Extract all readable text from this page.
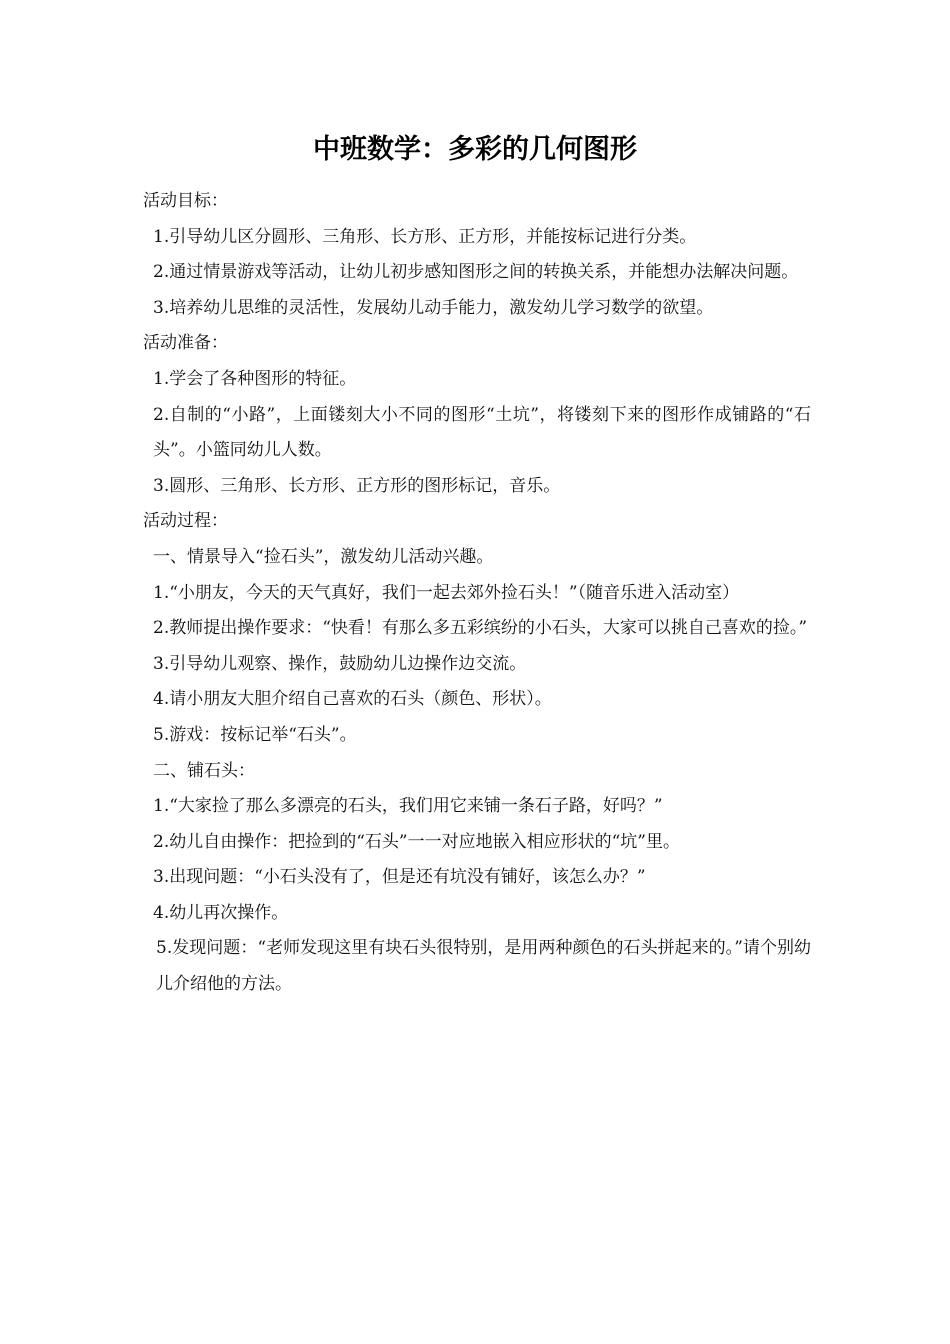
中班数学：多彩的几何图形

活动目标：

1.引导幼儿区分圆形、三角形、长方形、正方形，并能按标记进行分类。

2.通过情景游戏等活动，让幼儿初步感知图形之间的转换关系，并能想办法解决问题。

3.培养幼儿思维的灵活性，发展幼儿动手能力，激发幼儿学习数学的欲望。

活动准备：

1.学会了各种图形的特征。

2.自制的“小路”，上面镂刻大小不同的图形“土坑”，将镂刻下来的图形作成铺路的“石头”。小篮同幼儿人数。

3.圆形、三角形、长方形、正方形的图形标记，音乐。

活动过程：

一、情景导入“捡石头”，激发幼儿活动兴趣。

1.“小朋友，今天的天气真好，我们一起去郊外捡石头！”（随音乐进入活动室）

2.教师提出操作要求：“快看！有那么多五彩缤纷的小石头，大家可以挑自己喜欢的捡。”

3.引导幼儿观察、操作，鼓励幼儿边操作边交流。

4.请小朋友大胆介绍自己喜欢的石头（颜色、形状）。

5.游戏：按标记举“石头”。

二、铺石头：

1.“大家捡了那么多漂亮的石头，我们用它来铺一条石子路，好吗？”

2.幼儿自由操作：把捡到的“石头”一一对应地嵌入相应形状的“坑”里。

3.出现问题：“小石头没有了，但是还有坑没有铺好，该怎么办？”

4.幼儿再次操作。

5.发现问题：“老师发现这里有块石头很特别，是用两种颜色的石头拼起来的。”请个别幼儿介绍他的方法。
